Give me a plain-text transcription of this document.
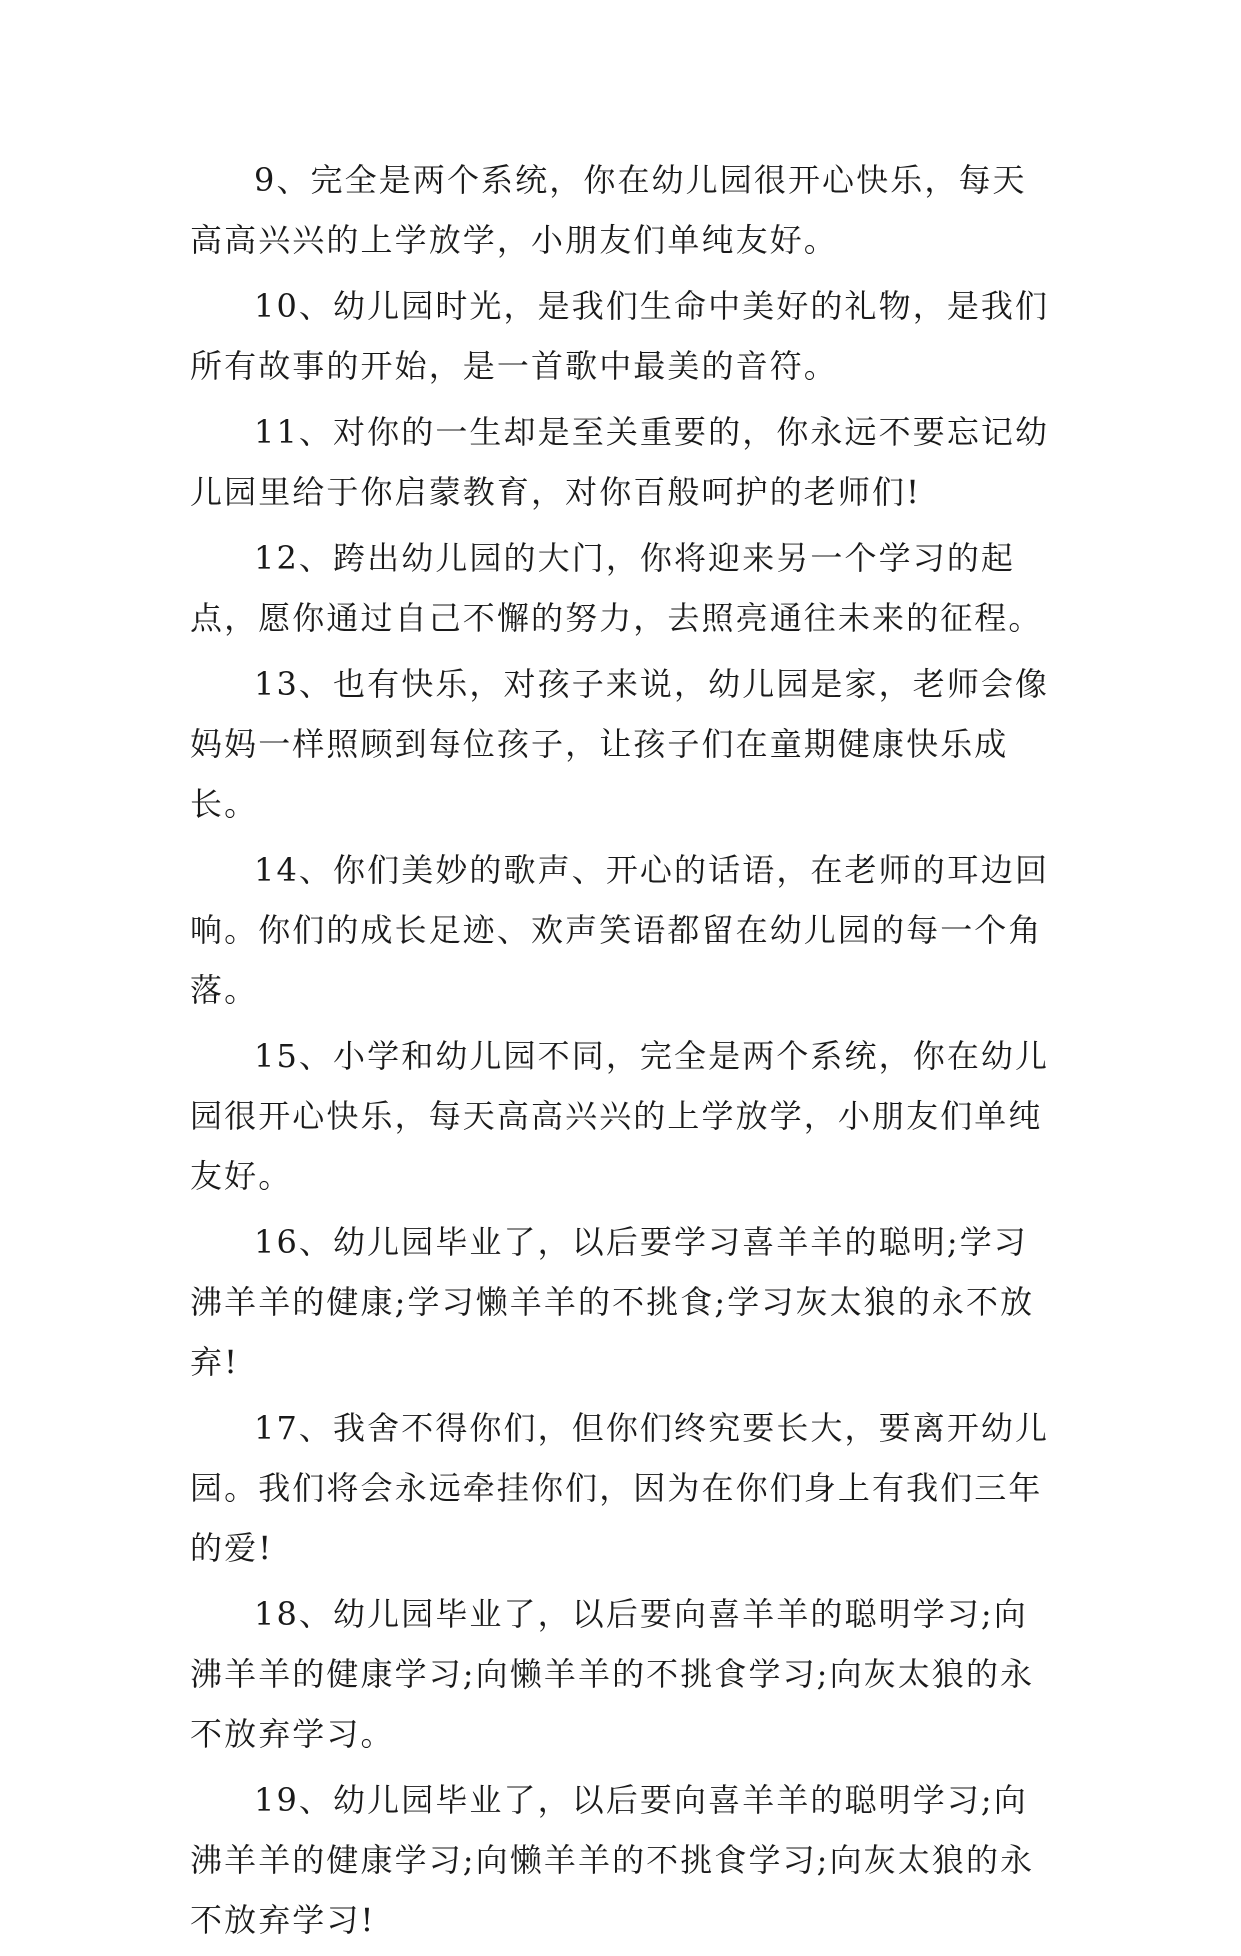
9、完全是两个系统，你在幼儿园很开心快乐，每天高高兴兴的上学放学，小朋友们单纯友好。

10、幼儿园时光，是我们生命中美好的礼物，是我们所有故事的开始，是一首歌中最美的音符。

11、对你的一生却是至关重要的，你永远不要忘记幼儿园里给于你启蒙教育，对你百般呵护的老师们!

12、跨出幼儿园的大门，你将迎来另一个学习的起点，愿你通过自己不懈的努力，去照亮通往未来的征程。

13、也有快乐，对孩子来说，幼儿园是家，老师会像妈妈一样照顾到每位孩子，让孩子们在童期健康快乐成长。

14、你们美妙的歌声、开心的话语，在老师的耳边回响。你们的成长足迹、欢声笑语都留在幼儿园的每一个角落。

15、小学和幼儿园不同，完全是两个系统，你在幼儿园很开心快乐，每天高高兴兴的上学放学，小朋友们单纯友好。

16、幼儿园毕业了，以后要学习喜羊羊的聪明;学习沸羊羊的健康;学习懒羊羊的不挑食;学习灰太狼的永不放弃!

17、我舍不得你们，但你们终究要长大，要离开幼儿园。我们将会永远牵挂你们，因为在你们身上有我们三年的爱!

18、幼儿园毕业了，以后要向喜羊羊的聪明学习;向沸羊羊的健康学习;向懒羊羊的不挑食学习;向灰太狼的永不放弃学习。

19、幼儿园毕业了，以后要向喜羊羊的聪明学习;向沸羊羊的健康学习;向懒羊羊的不挑食学习;向灰太狼的永不放弃学习!
